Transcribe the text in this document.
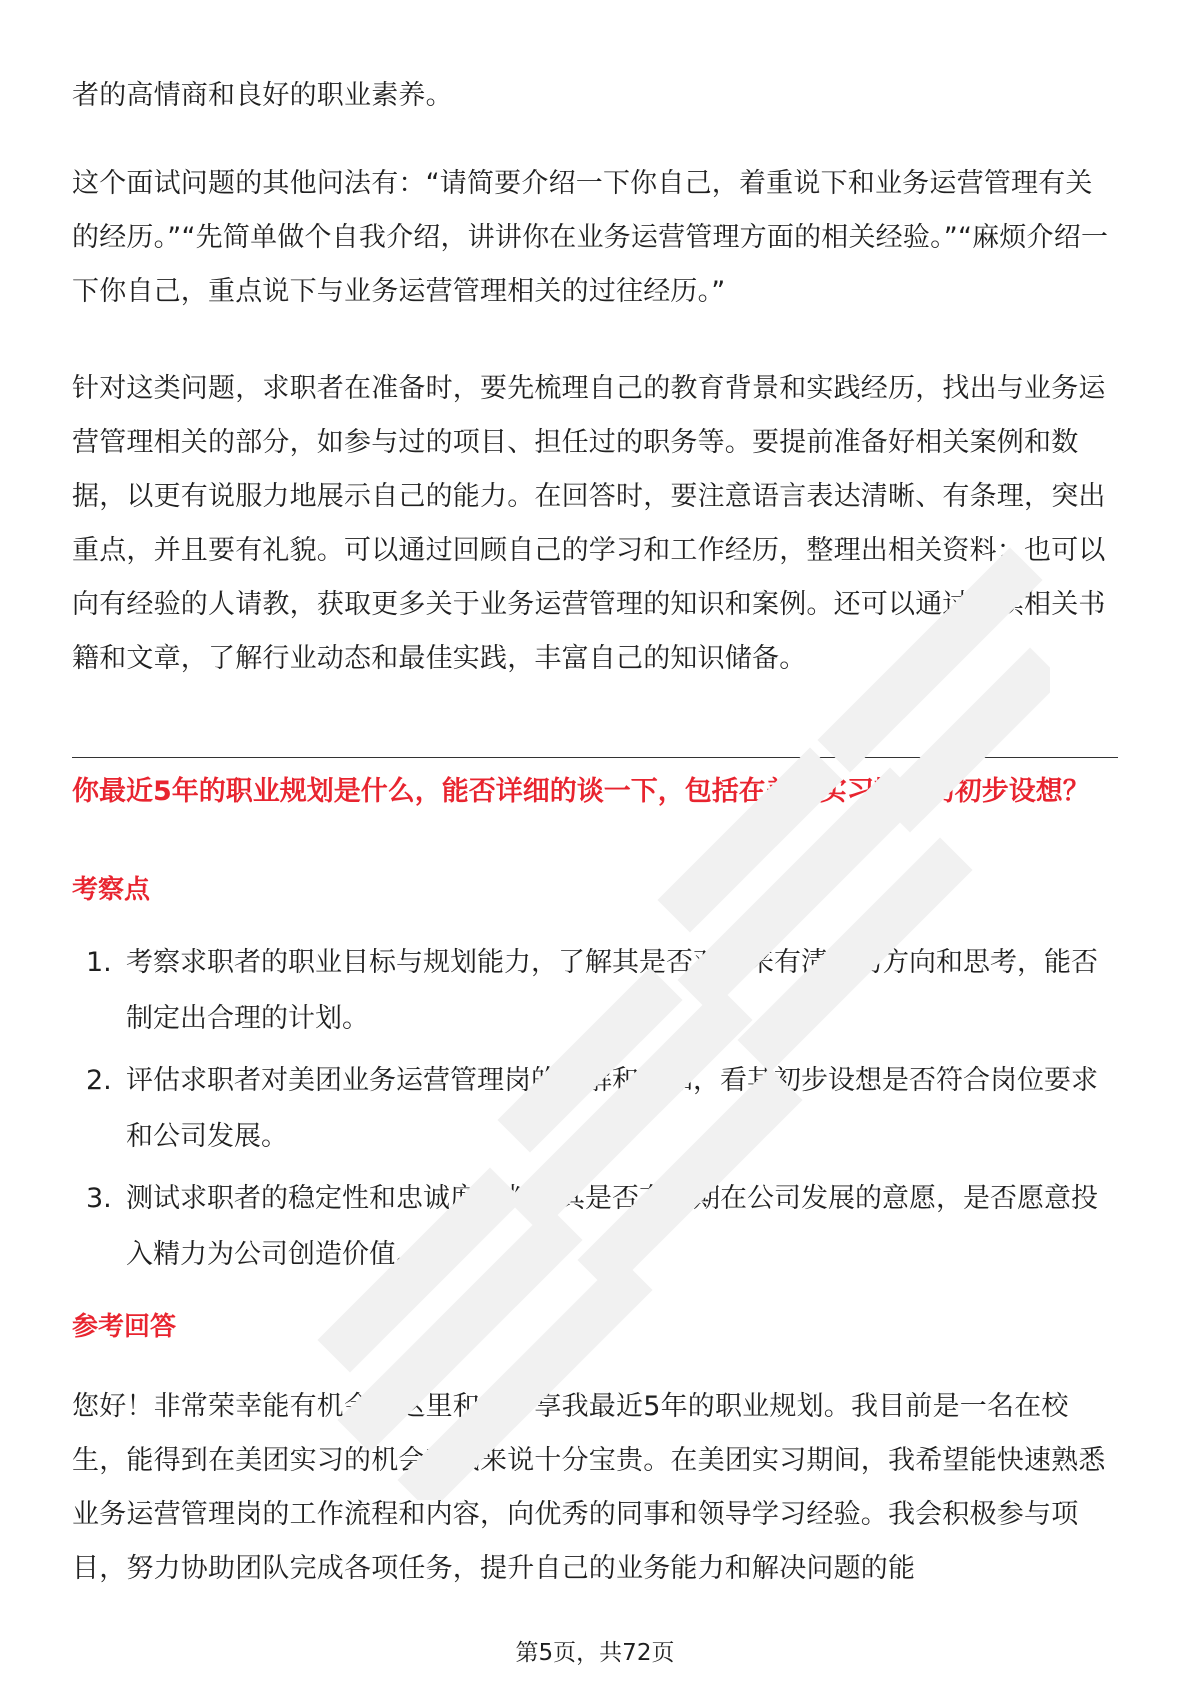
者的高情商和良好的职业素养。

这个面试问题的其他问法有：“请简要介绍一下你自己，着重说下和业务运营管理有关的经历。”“先简单做个自我介绍，讲讲你在业务运营管理方面的相关经验。”“麻烦介绍一下你自己，重点说下与业务运营管理相关的过往经历。”

针对这类问题，求职者在准备时，要先梳理自己的教育背景和实践经历，找出与业务运营管理相关的部分，如参与过的项目、担任过的职务等。要提前准备好相关案例和数据，以更有说服力地展示自己的能力。在回答时，要注意语言表达清晰、有条理，突出重点，并且要有礼貌。可以通过回顾自己的学习和工作经历，整理出相关资料；也可以向有经验的人请教，获取更多关于业务运营管理的知识和案例。还可以通过阅读相关书籍和文章，了解行业动态和最佳实践，丰富自己的知识储备。

你最近5年的职业规划是什么，能否详细的谈一下，包括在美团实习期间的初步设想？
考察点
1. 考察求职者的职业目标与规划能力，了解其是否对未来有清晰的方向和思考，能否制定出合理的计划。
2. 评估求职者对美团业务运营管理岗的理解和认知，看其初步设想是否符合岗位要求和公司发展。
3. 测试求职者的稳定性和忠诚度，判断其是否有长期在公司发展的意愿，是否愿意投入精力为公司创造价值。
参考回答

您好！非常荣幸能有机会在这里和您分享我最近5年的职业规划。我目前是一名在校生，能得到在美团实习的机会对我来说十分宝贵。在美团实习期间，我希望能快速熟悉业务运营管理岗的工作流程和内容，向优秀的同事和领导学习经验。我会积极参与项目，努力协助团队完成各项任务，提升自己的业务能力和解决问题的能

第5页，共72页
